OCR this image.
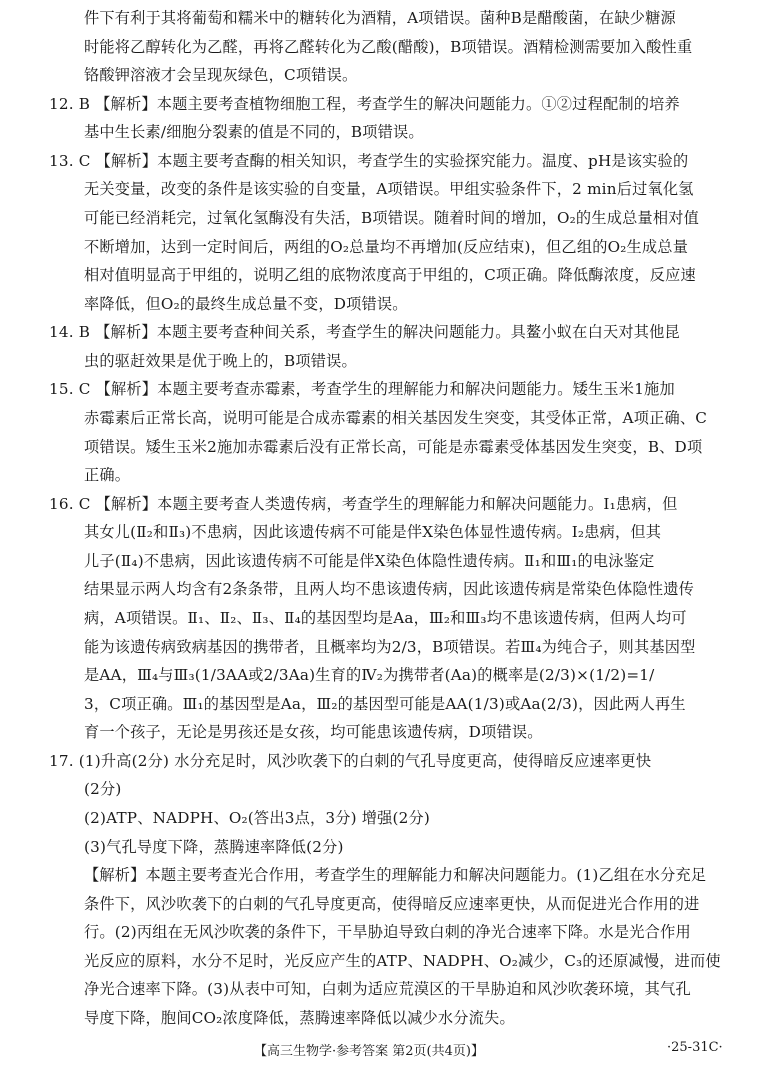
件下有利于其将葡萄和糯米中的糖转化为酒精，A项错误。菌种B是醋酸菌，在缺少糖源
时能将乙醇转化为乙醛，再将乙醛转化为乙酸(醋酸)，B项错误。酒精检测需要加入酸性重
铬酸钾溶液才会呈现灰绿色，C项错误。
12. B 【解析】本题主要考查植物细胞工程，考查学生的解决问题能力。①②过程配制的培养
基中生长素/细胞分裂素的值是不同的，B项错误。
13. C 【解析】本题主要考查酶的相关知识，考查学生的实验探究能力。温度、pH是该实验的
无关变量，改变的条件是该实验的自变量，A项错误。甲组实验条件下，2 min后过氧化氢
可能已经消耗完，过氧化氢酶没有失活，B项错误。随着时间的增加，O₂的生成总量相对值
不断增加，达到一定时间后，两组的O₂总量均不再增加(反应结束)，但乙组的O₂生成总量
相对值明显高于甲组的，说明乙组的底物浓度高于甲组的，C项正确。降低酶浓度，反应速
率降低，但O₂的最终生成总量不变，D项错误。
14. B 【解析】本题主要考查种间关系，考查学生的解决问题能力。具鳌小蚁在白天对其他昆
虫的驱赶效果是优于晚上的，B项错误。
15. C 【解析】本题主要考查赤霉素，考查学生的理解能力和解决问题能力。矮生玉米1施加
赤霉素后正常长高，说明可能是合成赤霉素的相关基因发生突变，其受体正常，A项正确、C
项错误。矮生玉米2施加赤霉素后没有正常长高，可能是赤霉素受体基因发生突变，B、D项
正确。
16. C 【解析】本题主要考查人类遗传病，考查学生的理解能力和解决问题能力。Ⅰ₁患病，但
其女儿(Ⅱ₂和Ⅱ₃)不患病，因此该遗传病不可能是伴X染色体显性遗传病。Ⅰ₂患病，但其
儿子(Ⅱ₄)不患病，因此该遗传病不可能是伴X染色体隐性遗传病。Ⅱ₁和Ⅲ₁的电泳鉴定
结果显示两人均含有2条条带，且两人均不患该遗传病，因此该遗传病是常染色体隐性遗传
病，A项错误。Ⅱ₁、Ⅱ₂、Ⅱ₃、Ⅱ₄的基因型均是Aa，Ⅲ₂和Ⅲ₃均不患该遗传病，但两人均可
能为该遗传病致病基因的携带者，且概率均为2/3，B项错误。若Ⅲ₄为纯合子，则其基因型
是AA，Ⅲ₄与Ⅲ₃(1/3AA或2/3Aa)生育的Ⅳ₂为携带者(Aa)的概率是(2/3)×(1/2)=1/
3，C项正确。Ⅲ₁的基因型是Aa，Ⅲ₂的基因型可能是AA(1/3)或Aa(2/3)，因此两人再生
育一个孩子，无论是男孩还是女孩，均可能患该遗传病，D项错误。
17. (1)升高(2分) 水分充足时，风沙吹袭下的白刺的气孔导度更高，使得暗反应速率更快
(2分)
(2)ATP、NADPH、O₂(答出3点，3分) 增强(2分)
(3)气孔导度下降，蒸腾速率降低(2分)
【解析】本题主要考查光合作用，考查学生的理解能力和解决问题能力。(1)乙组在水分充足
条件下，风沙吹袭下的白刺的气孔导度更高，使得暗反应速率更快，从而促进光合作用的进
行。(2)丙组在无风沙吹袭的条件下，干旱胁迫导致白刺的净光合速率下降。水是光合作用
光反应的原料，水分不足时，光反应产生的ATP、NADPH、O₂减少，C₃的还原减慢，进而使
净光合速率下降。(3)从表中可知，白刺为适应荒漠区的干旱胁迫和风沙吹袭环境，其气孔
导度下降，胞间CO₂浓度降低，蒸腾速率降低以减少水分流失。
【高三生物学·参考答案 第2页(共4页)】	·25-31C·
